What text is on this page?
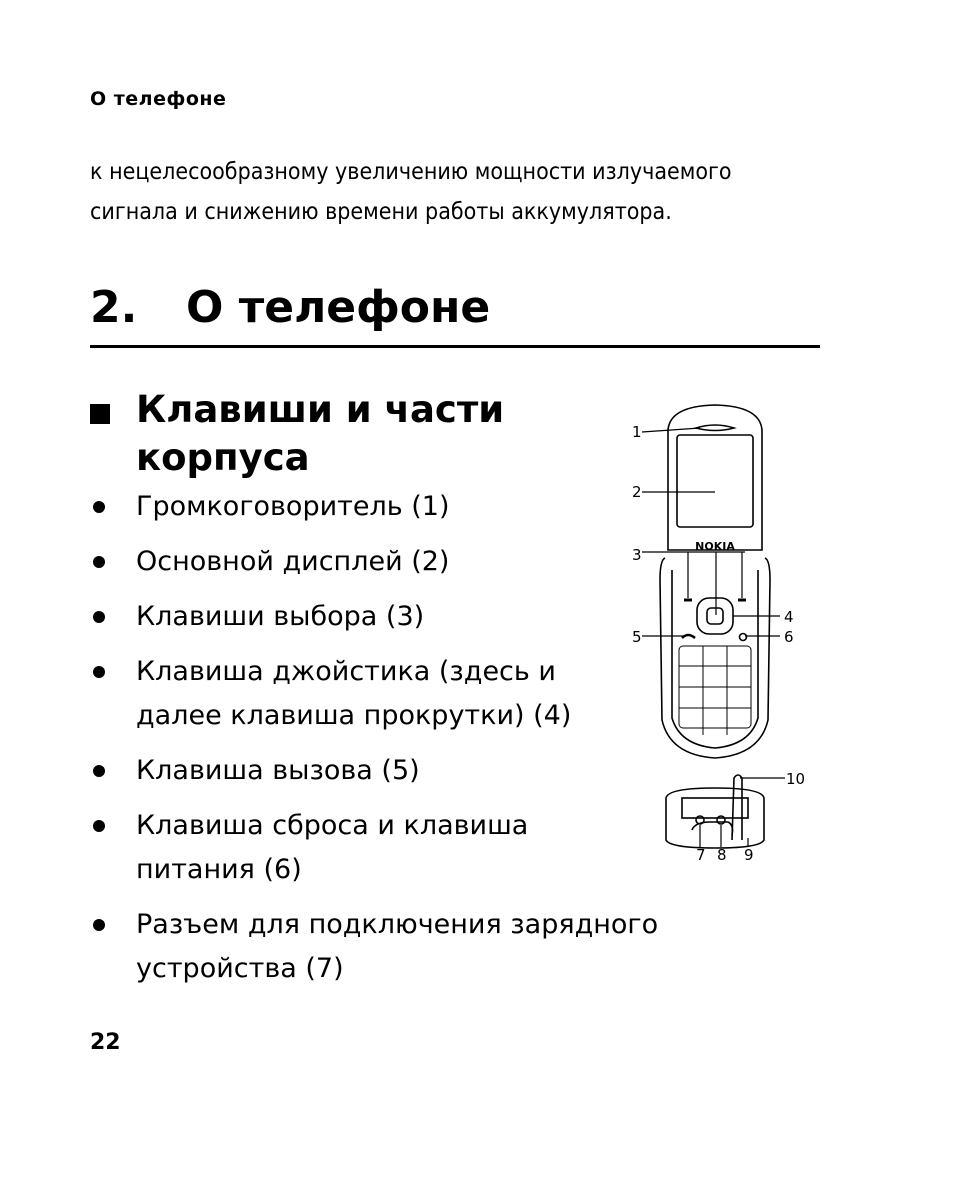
О телефоне
к нецелесообразному увеличению мощности излучаемого сигнала и снижению времени работы аккумулятора.
2. О телефоне
Клавиши и части корпуса
Громкоговоритель (1)
Основной дисплей (2)
Клавиши выбора (3)
Клавиша джойстика (здесь и далее клавиша прокрутки) (4)
Клавиша вызова (5)
Клавиша сброса и клавиша питания (6)
Разъем для подключения зарядного устройства (7)
NOKIA
1
2
3
4
5	6
7 8 9
10
22
